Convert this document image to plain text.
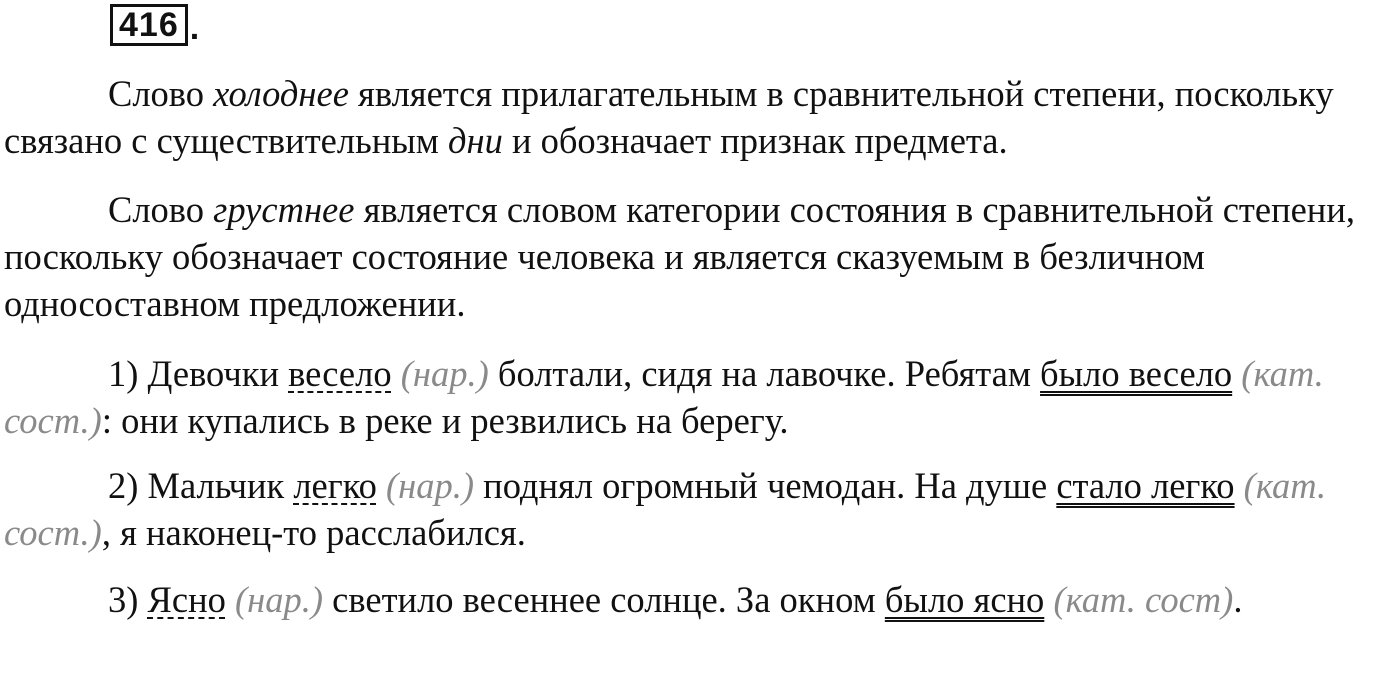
416 .

Слово холоднее является прилагательным в сравнительной степени, поскольку связано с существительным дни и обозначает признак предмета.

Слово грустнее является словом категории состояния в сравнительной степени, поскольку обозначает состояние человека и является сказуемым в безличном односоставном предложении.

1) Девочки весело (нар.) болтали, сидя на лавочке. Ребятам было весело (кат. сост.): они купались в реке и резвились на берегу.

2) Мальчик легко (нар.) поднял огромный чемодан. На душе стало легко (кат. сост.), я наконец-то расслабился.

3) Ясно (нар.) светило весеннее солнце. За окном было ясно (кат. сост).
